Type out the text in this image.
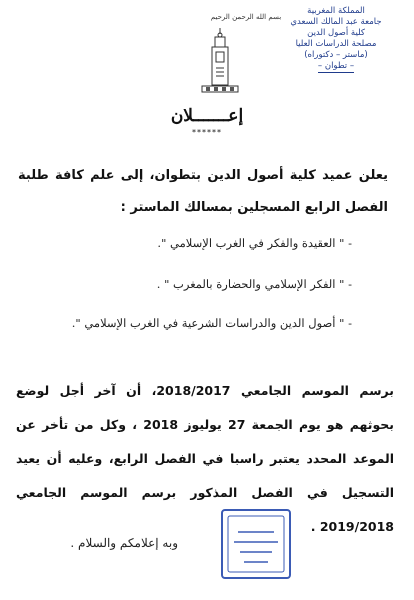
المملكة المغربية
جامعة عبد المالك السعدي
كلية أصول الدين
مصلحة الدراسات العليا
(ماستر – دكتوراه)
– تطوان –
بسم الله الرحمن الرحيم
إعـــــــلان
******
يعلن عميد كلية أصول الدين بتطوان، إلى علم كافة طلبة الفصل الرابع المسجلين بمسالك الماستر :
- " العقيدة والفكر في الغرب الإسلامي ".
- " الفكر الإسلامي والحضارة بالمغرب " .
- " أصول الدين والدراسات الشرعية في الغرب الإسلامي ".
برسم الموسم الجامعي 2018/2017، أن آخر أجل لوضع بحوثهم هو يوم الجمعة 27 يوليوز 2018 ، وكل من تأخر عن الموعد المحدد يعتبر راسبا في الفصل الرابع، وعليه أن يعيد التسجيل في الفصل المذكور برسم الموسم الجامعي 2019/2018 .
وبه إعلامكم والسلام .
